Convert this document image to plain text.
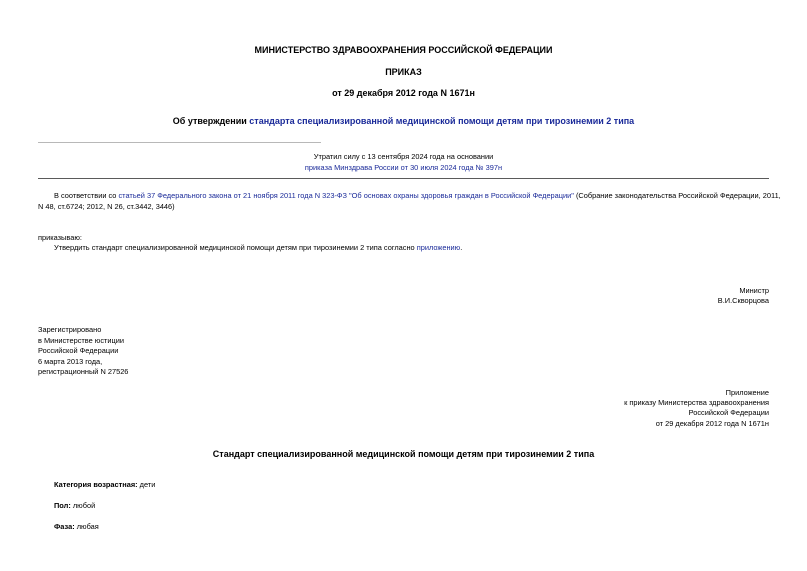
МИНИСТЕРСТВО ЗДРАВООХРАНЕНИЯ РОССИЙСКОЙ ФЕДЕРАЦИИ
ПРИКАЗ
от 29 декабря 2012 года N 1671н
Об утверждении стандарта специализированной медицинской помощи детям при тирозинемии 2 типа
Утратил силу с 13 сентября 2024 года на основании
приказа Минздрава России от 30 июля 2024 года № 397н
В соответствии со статьей 37 Федерального закона от 21 ноября 2011 года N 323-ФЗ "Об основах охраны здоровья граждан в Российской Федерации" (Собрание законодательства Российской Федерации, 2011,
N 48, ст.6724; 2012, N 26, ст.3442, 3446)
приказываю:
Утвердить стандарт специализированной медицинской помощи детям при тирозинемии 2 типа согласно приложению.
Министр
В.И.Скворцова
Зарегистрировано
в Министерстве юстиции
Российской Федерации
6 марта 2013 года,
регистрационный N 27526
Приложение
к приказу Министерства здравоохранения
Российской Федерации
от 29 декабря 2012 года N 1671н
Стандарт специализированной медицинской помощи детям при тирозинемии 2 типа
Категория возрастная: дети
Пол: любой
Фаза: любая
